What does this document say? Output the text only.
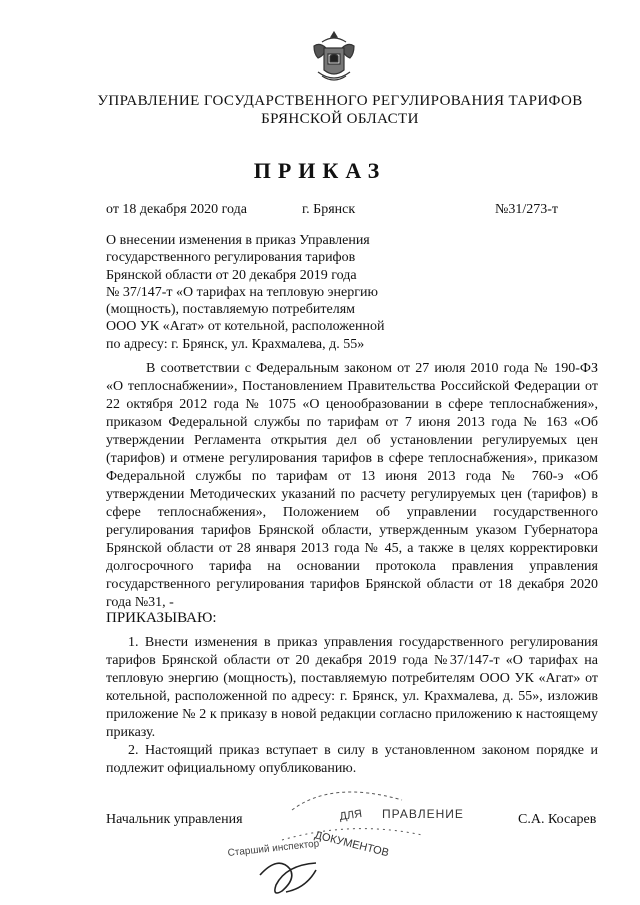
УПРАВЛЕНИЕ ГОСУДАРСТВЕННОГО РЕГУЛИРОВАНИЯ ТАРИФОВ
БРЯНСКОЙ ОБЛАСТИ
ПРИКАЗ
от 18 декабря 2020 года	г. Брянск	№31/273-т
О внесении изменения в приказ Управления
государственного регулирования тарифов
Брянской области от 20 декабря 2019 года
№ 37/147-т «О тарифах на тепловую энергию
(мощность), поставляемую потребителям
ООО УК «Агат» от котельной, расположенной
по адресу: г. Брянск, ул. Крахмалева, д. 55»
В соответствии с Федеральным законом от 27 июля 2010 года № 190-ФЗ «О теплоснабжении», Постановлением Правительства Российской Федерации от 22 октября 2012 года № 1075 «О ценообразовании в сфере теплоснабжения», приказом Федеральной службы по тарифам от 7 июня 2013 года № 163 «Об утверждении Регламента открытия дел об установлении регулируемых цен (тарифов) и отмене регулирования тарифов в сфере теплоснабжения», приказом Федеральной службы по тарифам от 13 июня 2013 года № 760-э «Об утверждении Методических указаний по расчету регулируемых цен (тарифов) в сфере теплоснабжения», Положением об управлении государственного регулирования тарифов Брянской области, утвержденным указом Губернатора Брянской области от 28 января 2013 года № 45, а также в целях корректировки долгосрочного тарифа на основании протокола правления управления государственного регулирования тарифов Брянской области от 18 декабря 2020 года №31, -
ПРИКАЗЫВАЮ:

1. Внести изменения в приказ управления государственного регулирования тарифов Брянской области от 20 декабря 2019 года №37/147-т «О тарифах на тепловую энергию (мощность), поставляемую потребителям ООО УК «Агат» от котельной, расположенной по адресу: г. Брянск, ул. Крахмалева, д. 55», изложив приложение № 2 к приказу в новой редакции согласно приложению к настоящему приказу.

2. Настоящий приказ вступает в силу в установленном законом порядке и подлежит официальному опубликованию.

Начальник управления	С.А. Косарев
ДЛЯ
ДОКУМЕНТОВ
ПРАВЛЕНИЕ
Старший инспектор
